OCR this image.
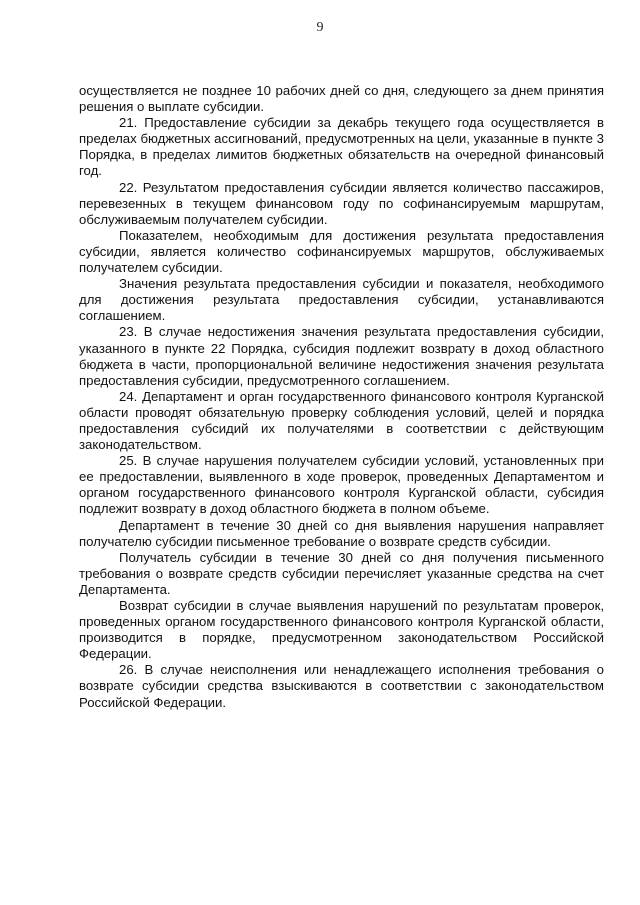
9

осуществляется не позднее 10 рабочих дней со дня, следующего за днем принятия решения о выплате субсидии.

21. Предоставление субсидии за декабрь текущего года осуществляется в пределах бюджетных ассигнований, предусмотренных на цели, указанные в пункте 3 Порядка, в пределах лимитов бюджетных обязательств на очередной финансовый год.

22. Результатом предоставления субсидии является количество пассажиров, перевезенных в текущем финансовом году по софинансируемым маршрутам, обслуживаемым получателем субсидии.

Показателем, необходимым для достижения результата предоставления субсидии, является количество софинансируемых маршрутов, обслуживаемых получателем субсидии.

Значения результата предоставления субсидии и показателя, необходимого для достижения результата предоставления субсидии, устанавливаются соглашением.

23. В случае недостижения значения результата предоставления субсидии, указанного в пункте 22 Порядка, субсидия подлежит возврату в доход областного бюджета в части, пропорциональной величине недостижения значения результата предоставления субсидии, предусмотренного соглашением.

24. Департамент и орган государственного финансового контроля Курганской области проводят обязательную проверку соблюдения условий, целей и порядка предоставления субсидий их получателями в соответствии с действующим законодательством.

25. В случае нарушения получателем субсидии условий, установленных при ее предоставлении, выявленного в ходе проверок, проведенных Департаментом и органом государственного финансового контроля Курганской области, субсидия подлежит возврату в доход областного бюджета в полном объеме.

Департамент в течение 30 дней со дня выявления нарушения направляет получателю субсидии письменное требование о возврате средств субсидии.

Получатель субсидии в течение 30 дней со дня получения письменного требования о возврате средств субсидии перечисляет указанные средства на счет Департамента.

Возврат субсидии в случае выявления нарушений по результатам проверок, проведенных органом государственного финансового контроля Курганской области, производится в порядке, предусмотренном законодательством Российской Федерации.

26. В случае неисполнения или ненадлежащего исполнения требования о возврате субсидии средства взыскиваются в соответствии с законодательством Российской Федерации.
